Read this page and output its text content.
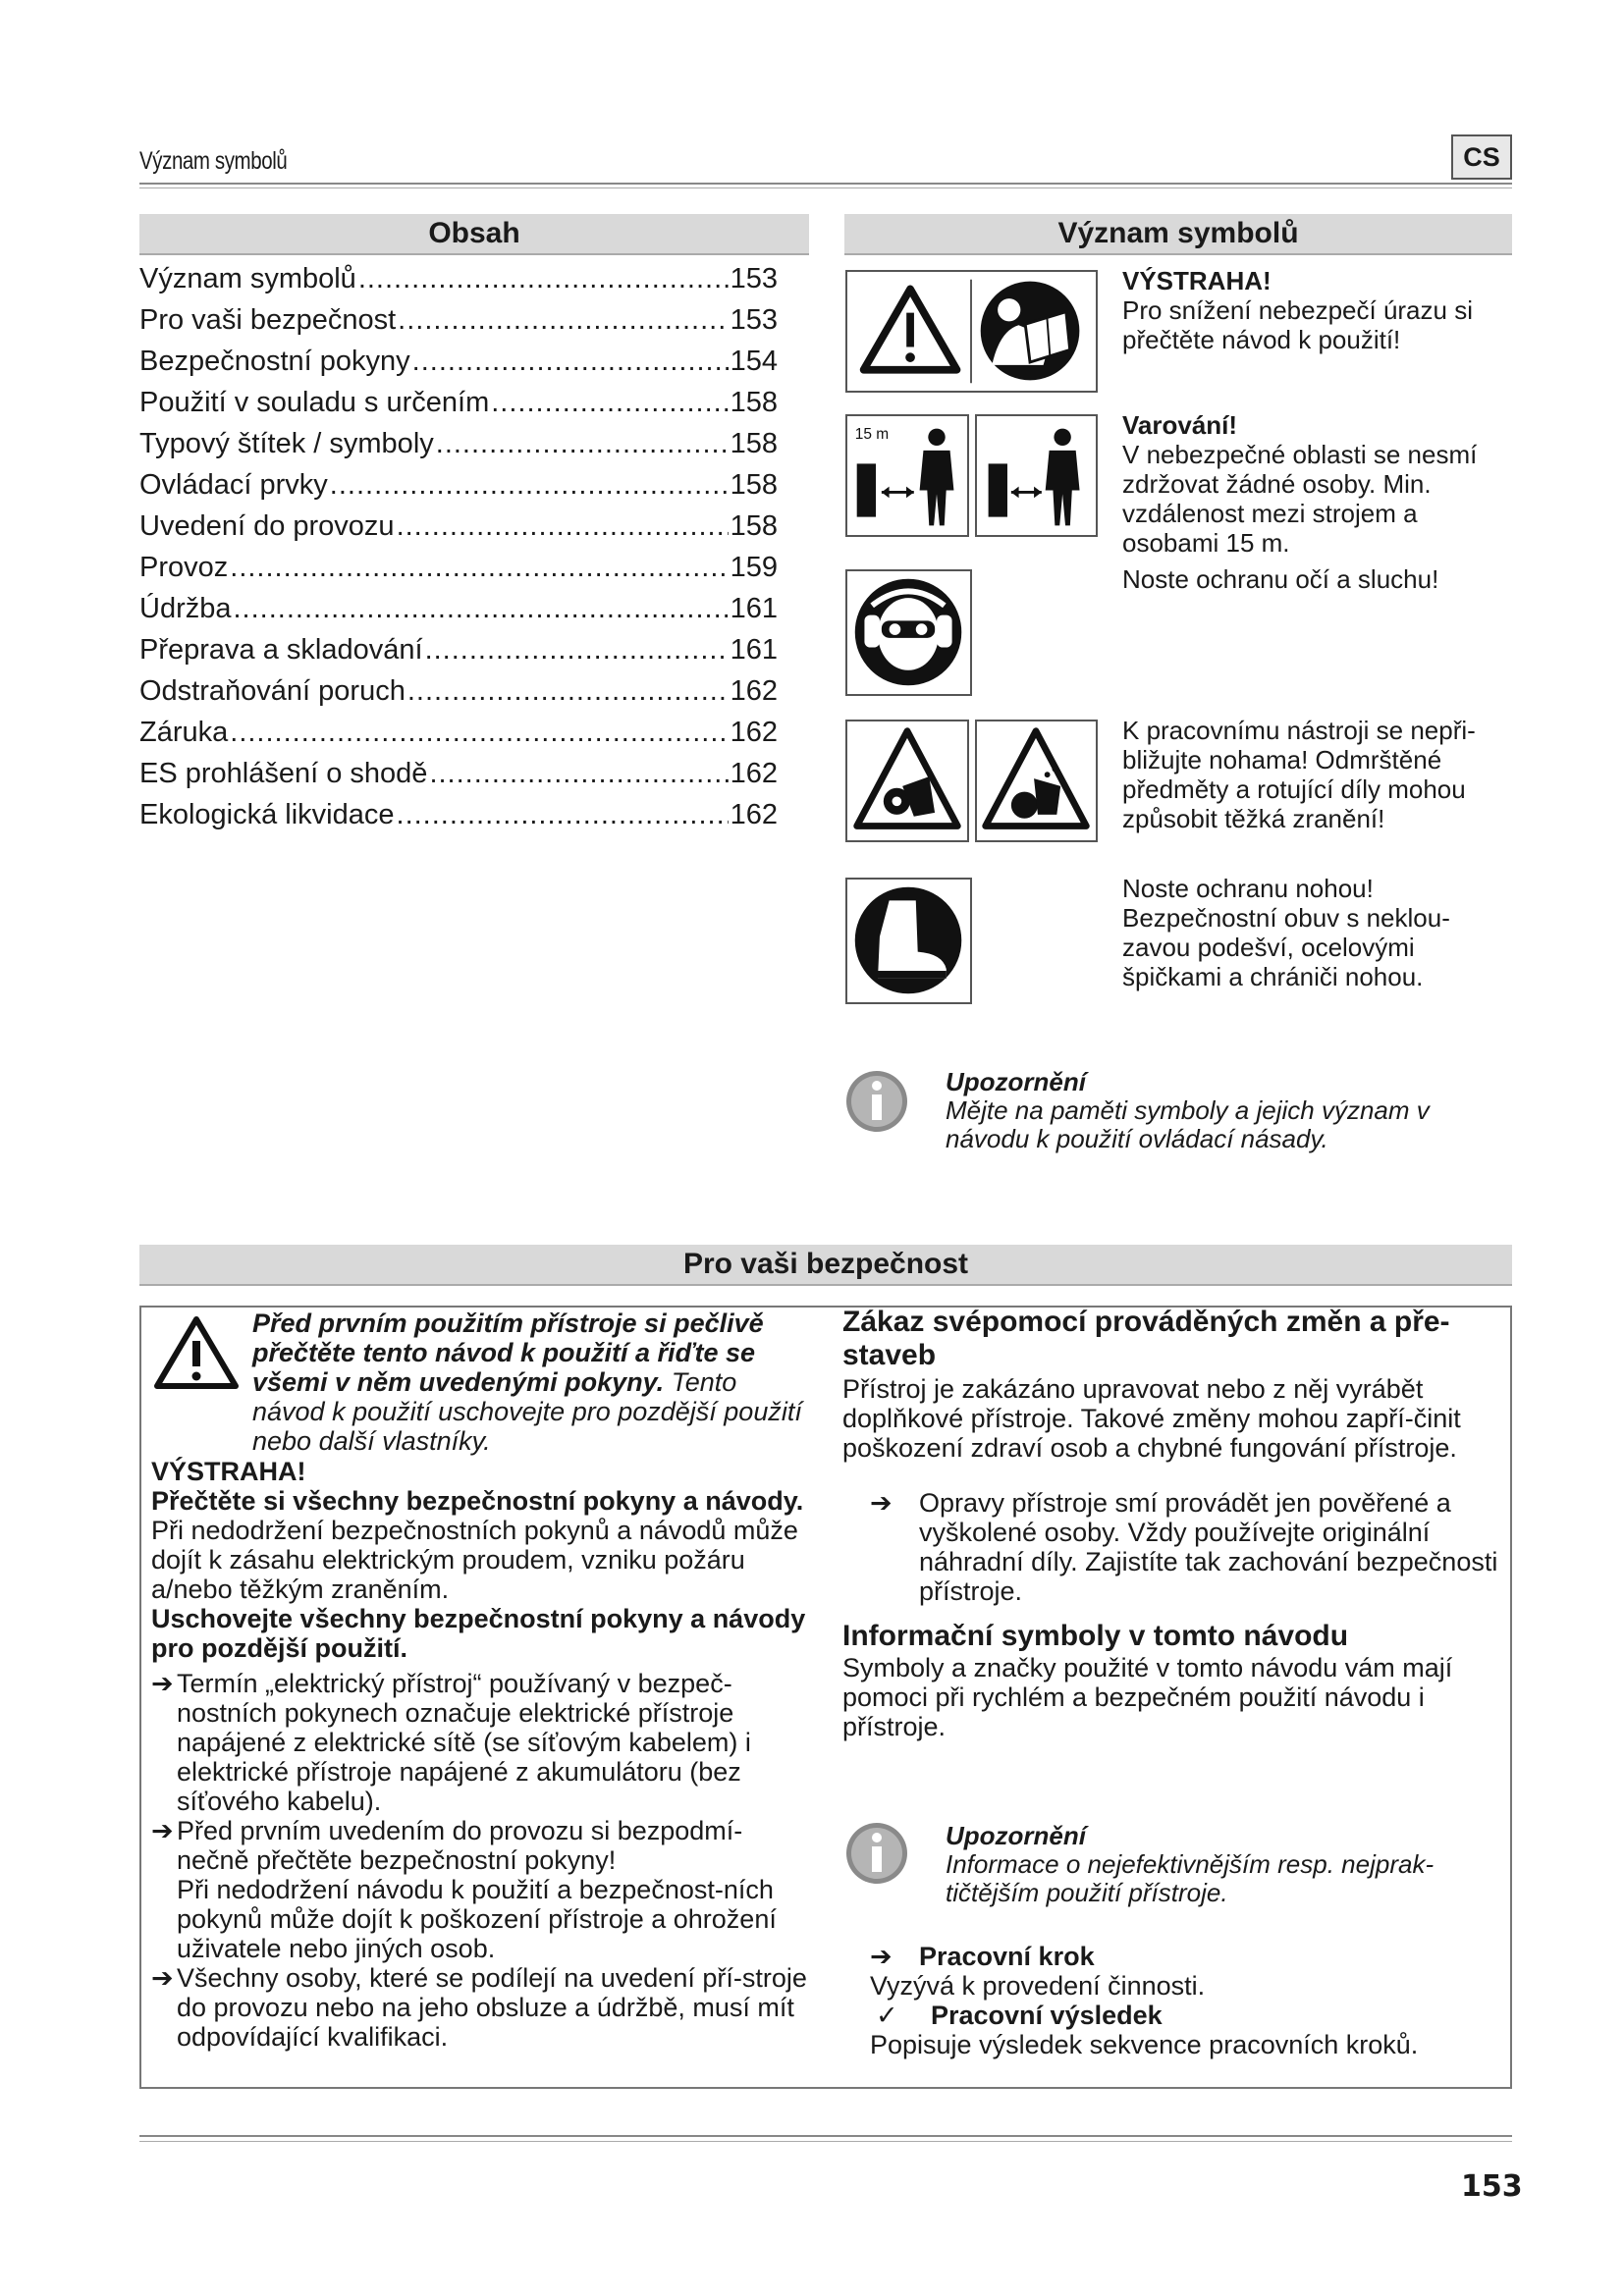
Význam symbolů	CS
Obsah
Význam symbolů .....	153
Pro vaši bezpečnost .....	153
Bezpečnostní pokyny .....	154
Použití v souladu s určením .....	158
Typový štítek / symboly .....	158
Ovládací prvky .....	158
Uvedení do provozu .....	158
Provoz .....	159
Údržba .....	161
Přeprava a skladování .....	161
Odstraňování poruch .....	162
Záruka .....	162
ES prohlášení o shodě .....	162
Ekologická likvidace .....	162
Význam symbolů
VÝSTRAHA!
Pro snížení nebezpečí úrazu si přečtěte návod k použití!
15 m	Varování!
V nebezpečné oblasti se nesmí zdržovat žádné osoby. Min. vzdálenost mezi strojem a osobami 15 m.
Noste ochranu očí a sluchu!
K pracovnímu nástroji se nepři-bližujte nohama! Odmrštěné předměty a rotující díly mohou způsobit těžká zranění!
Noste ochranu nohou! Bezpečnostní obuv s neklou-zavou podešví, ocelovými špičkami a chrániči nohou.
Upozornění
Mějte na paměti symboly a jejich význam v návodu k použití ovládací násady.
Pro vaši bezpečnost
Před prvním použitím přístroje si pečlivě přečtěte tento návod k použití a řiďte se všemi v něm uvedenými pokyny. Tento návod k použití uschovejte pro pozdější použití nebo další vlastníky.
VÝSTRAHA!
Přečtěte si všechny bezpečnostní pokyny a návody. Při nedodržení bezpečnostních pokynů a návodů může dojít k zásahu elektrickým proudem, vzniku požáru a/nebo těžkým zraněním.
Uschovejte všechny bezpečnostní pokyny a návody pro pozdější použití.
➔ Termín „elektrický přístroj“ používaný v bezpeč-nostních pokynech označuje elektrické přístroje napájené z elektrické sítě (se síťovým kabelem) i elektrické přístroje napájené z akumulátoru (bez síťového kabelu).
➔ Před prvním uvedením do provozu si bezpodmí-nečně přečtěte bezpečnostní pokyny!
Při nedodržení návodu k použití a bezpečnost-ních pokynů může dojít k poškození přístroje a ohrožení uživatele nebo jiných osob.
➔ Všechny osoby, které se podílejí na uvedení pří-stroje do provozu nebo na jeho obsluze a údržbě, musí mít odpovídající kvalifikaci.
Zákaz svépomocí prováděných změn a pře-staveb
Přístroj je zakázáno upravovat nebo z něj vyrábět doplňkové přístroje. Takové změny mohou zapří-činit poškození zdraví osob a chybné fungování přístroje.
➔	Opravy přístroje smí provádět jen pověřené a vyškolené osoby. Vždy používejte originální náhradní díly. Zajistíte tak zachování bezpečnosti přístroje.
Informační symboly v tomto návodu
Symboly a značky použité v tomto návodu vám mají pomoci při rychlém a bezpečném použití návodu i přístroje.
Upozornění
Informace o nejefektivnějším resp. nejprak-tičtějším použití přístroje.
➔ Pracovní krok
Vyzývá k provedení činnosti.
✓ Pracovní výsledek
Popisuje výsledek sekvence pracovních kroků.
153
